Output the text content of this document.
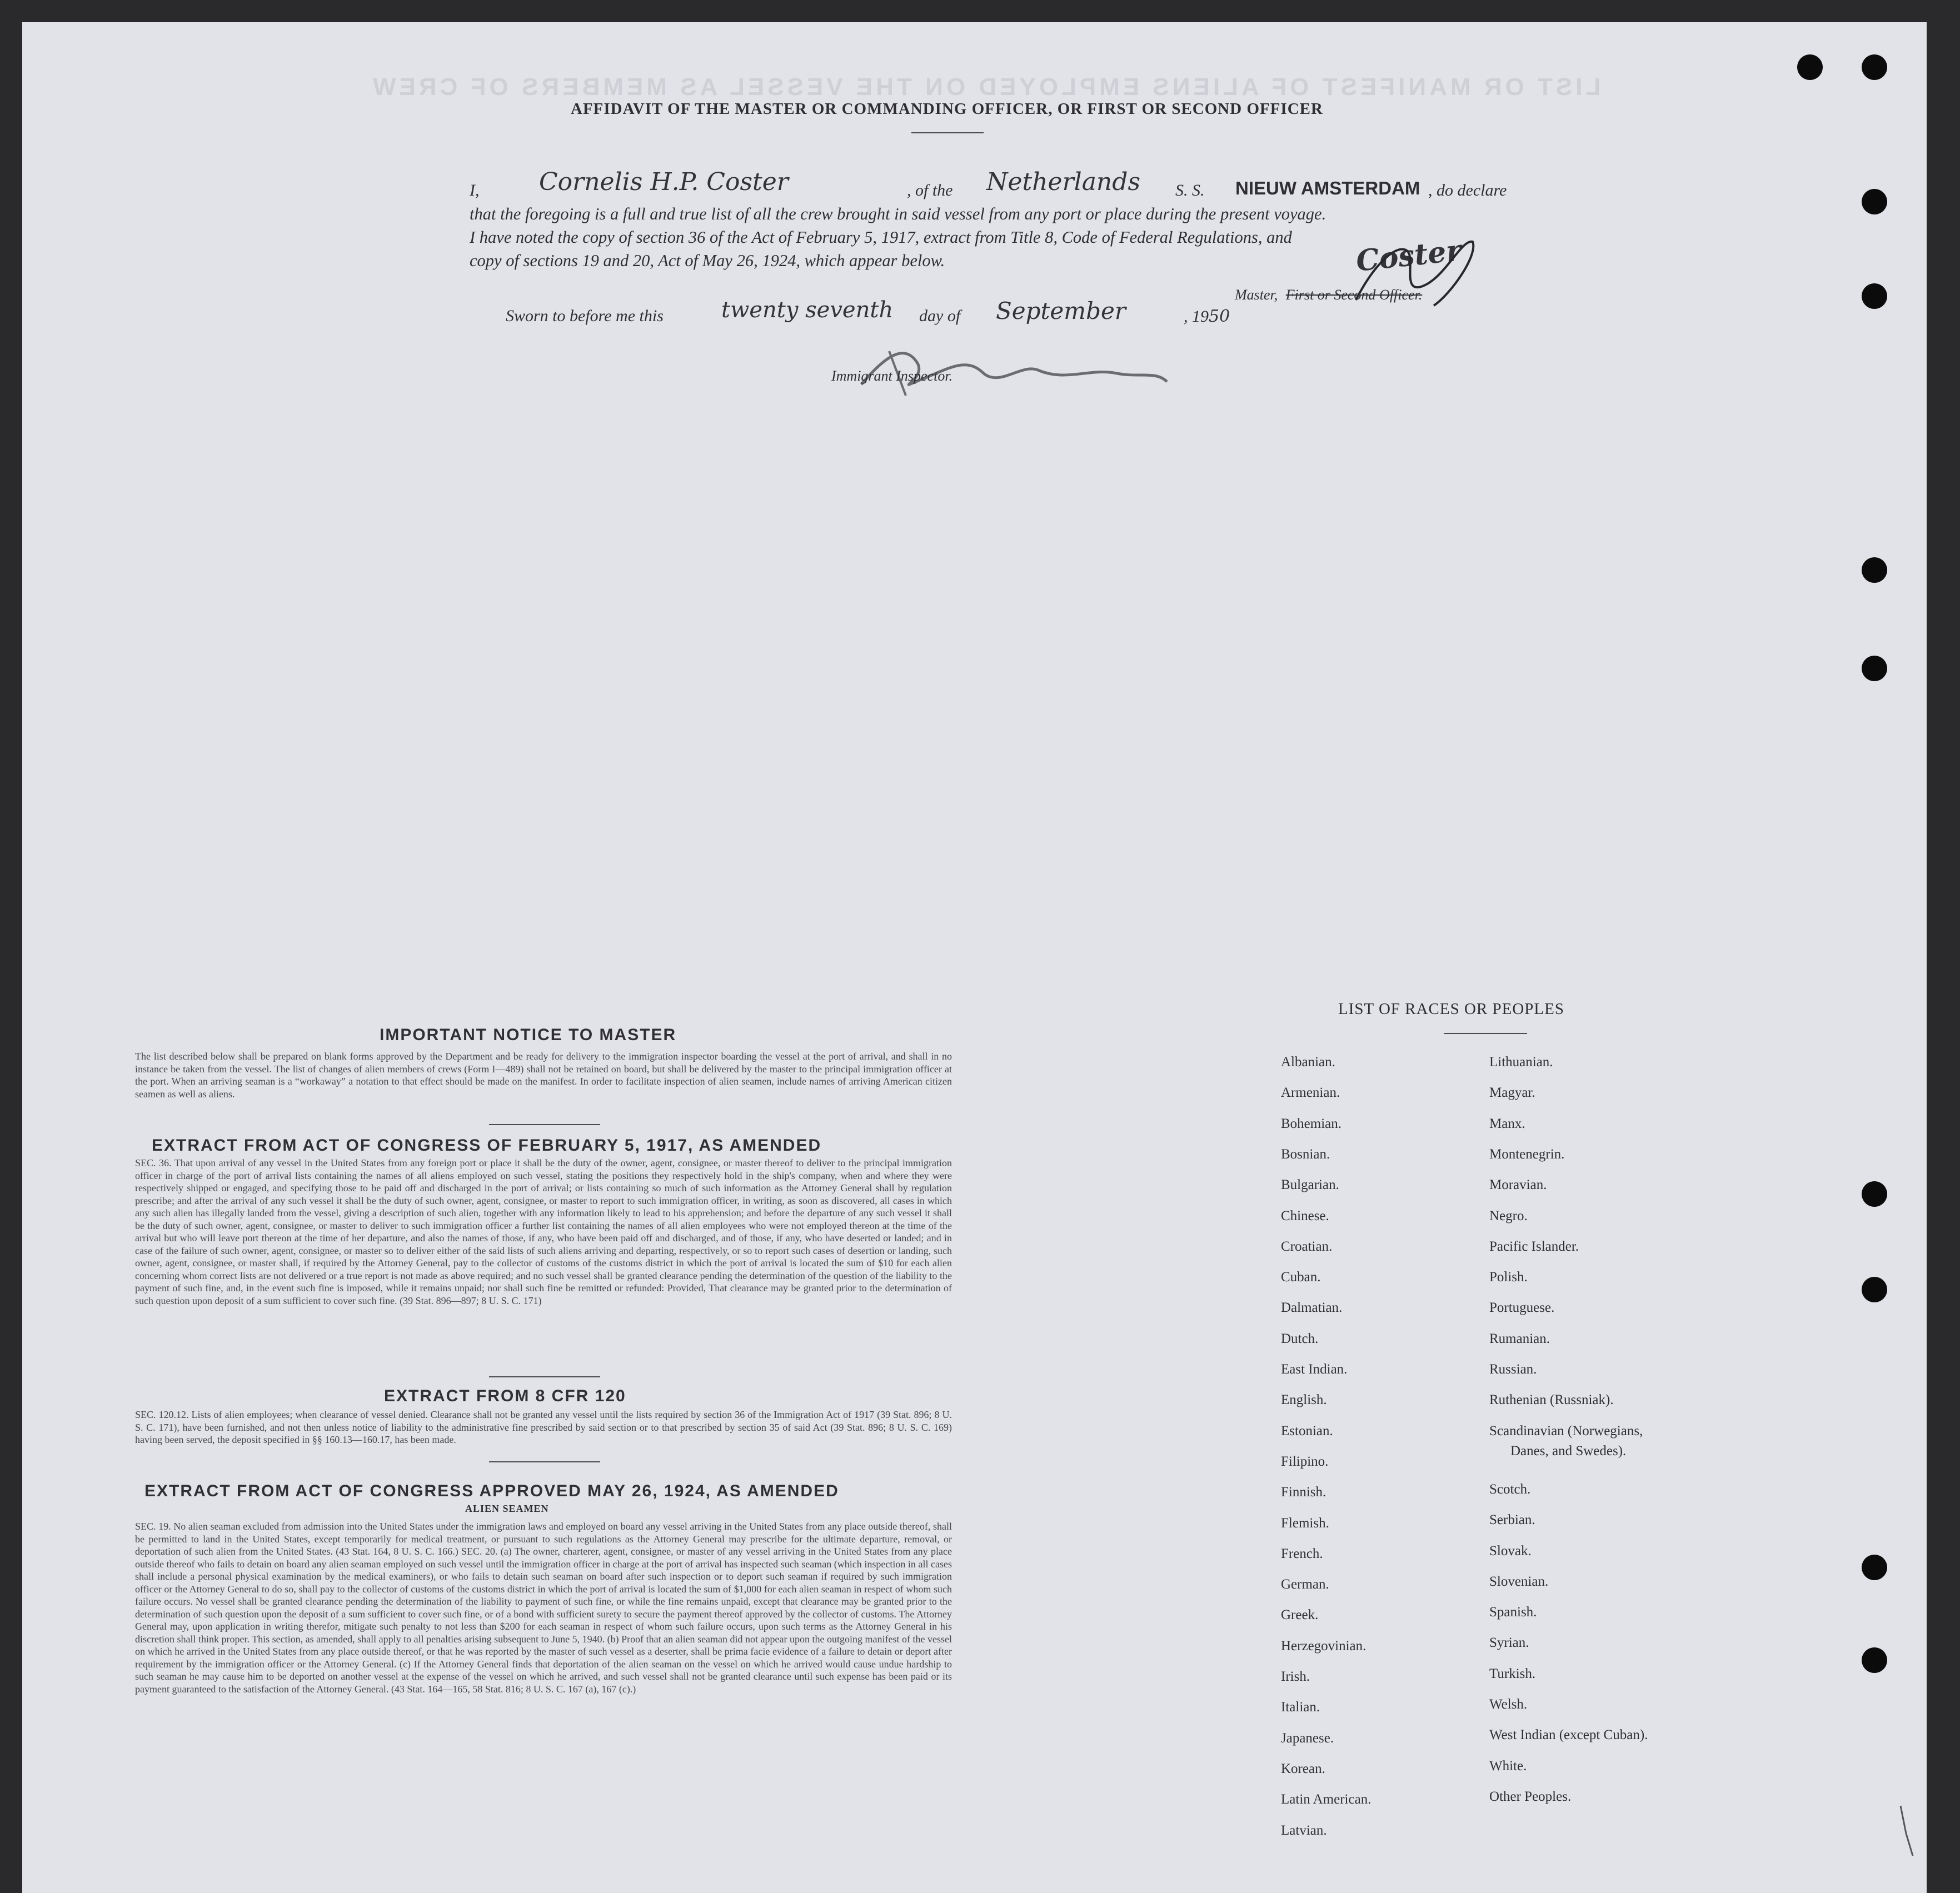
LIST OR MANIFEST OF ALIENS EMPLOYED ON THE VESSEL AS MEMBERS OF CREW
AFFIDAVIT OF THE MASTER OR COMMANDING OFFICER, OR FIRST OR SECOND OFFICER
I, Cornelis H.P. Coster	, of the Netherlands S. S. NIEUW AMSTERDAM , do declare
that the foregoing is a full and true list of all the crew brought in said vessel from any port or place during the present voyage.
I have noted the copy of section 36 of the Act of February 5, 1917, extract from Title 8, Code of Federal Regulations, and
copy of sections 19 and 20, Act of May 26, 1924, which appear below.	Coster
Master, First or Second Officer.
Sworn to before me this	twenty seventh day of September	, 1950
Immigrant Inspector.
IMPORTANT NOTICE TO MASTER
The list described below shall be prepared on blank forms approved by the Department and be ready for delivery to the immigration inspector boarding the vessel at the port of arrival, and shall in no instance be taken from the vessel. The list of changes of alien members of crews (Form I—489) shall not be retained on board, but shall be delivered by the master to the principal immigration officer at the port. When an arriving seaman is a “workaway” a notation to that effect should be made on the manifest. In order to facilitate inspection of alien seamen, include names of arriving American citizen seamen as well as aliens.
EXTRACT FROM ACT OF CONGRESS OF FEBRUARY 5, 1917, AS AMENDED
SEC. 36. That upon arrival of any vessel in the United States from any foreign port or place it shall be the duty of the owner, agent, consignee, or master thereof to deliver to the principal immigration officer in charge of the port of arrival lists containing the names of all aliens employed on such vessel, stating the positions they respectively hold in the ship's company, when and where they were respectively shipped or engaged, and specifying those to be paid off and discharged in the port of arrival; or lists containing so much of such information as the Attorney General shall by regulation prescribe; and after the arrival of any such vessel it shall be the duty of such owner, agent, consignee, or master to report to such immigration officer, in writing, as soon as discovered, all cases in which any such alien has illegally landed from the vessel, giving a description of such alien, together with any information likely to lead to his apprehension; and before the departure of any such vessel it shall be the duty of such owner, agent, consignee, or master to deliver to such immigration officer a further list containing the names of all alien employees who were not employed thereon at the time of the arrival but who will leave port thereon at the time of her departure, and also the names of those, if any, who have been paid off and discharged, and of those, if any, who have deserted or landed; and in case of the failure of such owner, agent, consignee, or master so to deliver either of the said lists of such aliens arriving and departing, respectively, or so to report such cases of desertion or landing, such owner, agent, consignee, or master shall, if required by the Attorney General, pay to the collector of customs of the customs district in which the port of arrival is located the sum of $10 for each alien concerning whom correct lists are not delivered or a true report is not made as above required; and no such vessel shall be granted clearance pending the determination of the question of the liability to the payment of such fine, and, in the event such fine is imposed, while it remains unpaid; nor shall such fine be remitted or refunded: Provided, That clearance may be granted prior to the determination of such question upon deposit of a sum sufficient to cover such fine. (39 Stat. 896—897; 8 U. S. C. 171)
EXTRACT FROM 8 CFR 120
SEC. 120.12. Lists of alien employees; when clearance of vessel denied. Clearance shall not be granted any vessel until the lists required by section 36 of the Immigration Act of 1917 (39 Stat. 896; 8 U. S. C. 171), have been furnished, and not then unless notice of liability to the administrative fine prescribed by said section or to that prescribed by section 35 of said Act (39 Stat. 896; 8 U. S. C. 169) having been served, the deposit specified in §§ 160.13—160.17, has been made.
EXTRACT FROM ACT OF CONGRESS APPROVED MAY 26, 1924, AS AMENDED
ALIEN SEAMEN
SEC. 19. No alien seaman excluded from admission into the United States under the immigration laws and employed on board any vessel arriving in the United States from any place outside thereof, shall be permitted to land in the United States, except temporarily for medical treatment, or pursuant to such regulations as the Attorney General may prescribe for the ultimate departure, removal, or deportation of such alien from the United States. (43 Stat. 164, 8 U. S. C. 166.) SEC. 20. (a) The owner, charterer, agent, consignee, or master of any vessel arriving in the United States from any place outside thereof who fails to detain on board any alien seaman employed on such vessel until the immigration officer in charge at the port of arrival has inspected such seaman (which inspection in all cases shall include a personal physical examination by the medical examiners), or who fails to detain such seaman on board after such inspection or to deport such seaman if required by such immigration officer or the Attorney General to do so, shall pay to the collector of customs of the customs district in which the port of arrival is located the sum of $1,000 for each alien seaman in respect of whom such failure occurs. No vessel shall be granted clearance pending the determination of the liability to payment of such fine, or while the fine remains unpaid, except that clearance may be granted prior to the determination of such question upon the deposit of a sum sufficient to cover such fine, or of a bond with sufficient surety to secure the payment thereof approved by the collector of customs. The Attorney General may, upon application in writing therefor, mitigate such penalty to not less than $200 for each seaman in respect of whom such failure occurs, upon such terms as the Attorney General in his discretion shall think proper. This section, as amended, shall apply to all penalties arising subsequent to June 5, 1940. (b) Proof that an alien seaman did not appear upon the outgoing manifest of the vessel on which he arrived in the United States from any place outside thereof, or that he was reported by the master of such vessel as a deserter, shall be prima facie evidence of a failure to detain or deport after requirement by the immigration officer or the Attorney General. (c) If the Attorney General finds that deportation of the alien seaman on the vessel on which he arrived would cause undue hardship to such seaman he may cause him to be deported on another vessel at the expense of the vessel on which he arrived, and such vessel shall not be granted clearance until such expense has been paid or its payment guaranteed to the satisfaction of the Attorney General. (43 Stat. 164—165, 58 Stat. 816; 8 U. S. C. 167 (a), 167 (c).)
LIST OF RACES OR PEOPLES
Albanian.
Armenian.
Bohemian.
Bosnian.
Bulgarian.
Chinese.
Croatian.
Cuban.
Dalmatian.
Dutch.
East Indian.
English.
Estonian.
Filipino.
Finnish.
Flemish.
French.
German.
Greek.
Herzegovinian.
Irish.
Italian.
Japanese.
Korean.
Latin American.
Latvian.
Lithuanian.
Magyar.
Manx.
Montenegrin.
Moravian.
Negro.
Pacific Islander.
Polish.
Portuguese.
Rumanian.
Russian.
Ruthenian (Russniak).
Scandinavian (Norwegians,
Danes, and Swedes).
Scotch.
Serbian.
Slovak.
Slovenian.
Spanish.
Syrian.
Turkish.
Welsh.
West Indian (except Cuban).
White.
Other Peoples.
